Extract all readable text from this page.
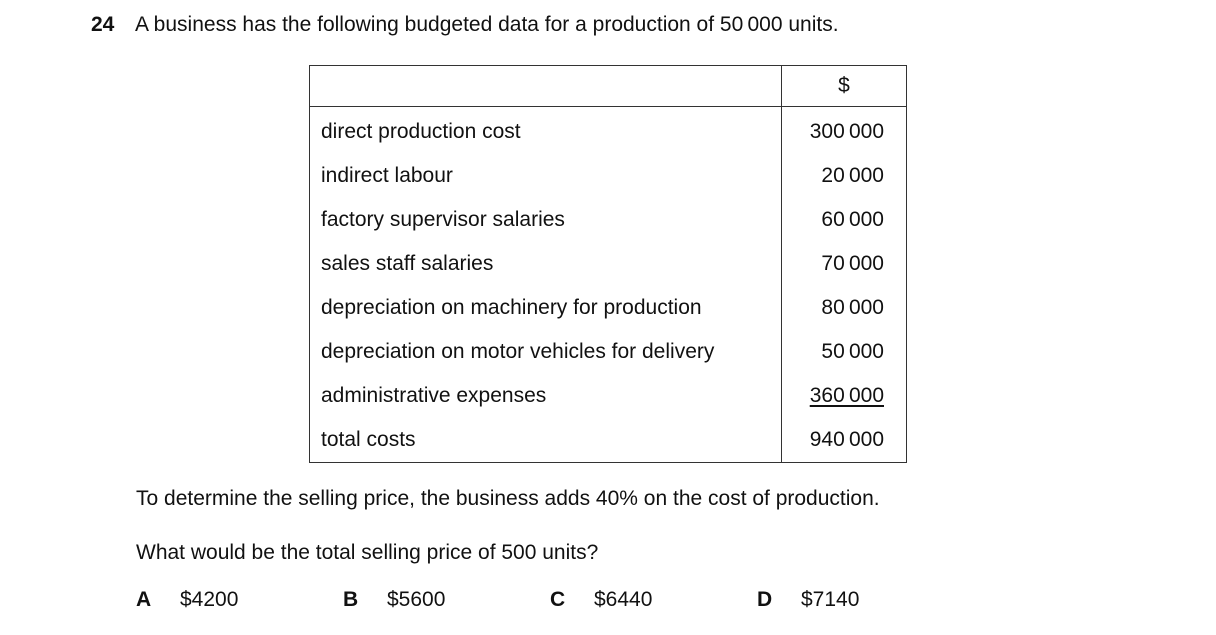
24 A business has the following budgeted data for a production of 50 000 units.
	$
direct production cost	300 000
indirect labour	20 000
factory supervisor salaries	60 000
sales staff salaries	70 000
depreciation on machinery for production	80 000
depreciation on motor vehicles for delivery	50 000
administrative expenses	360 000
total costs	940 000
To determine the selling price, the business adds 40% on the cost of production.
What would be the total selling price of 500 units?
A $4200	B $5600	C $6440	D $7140
